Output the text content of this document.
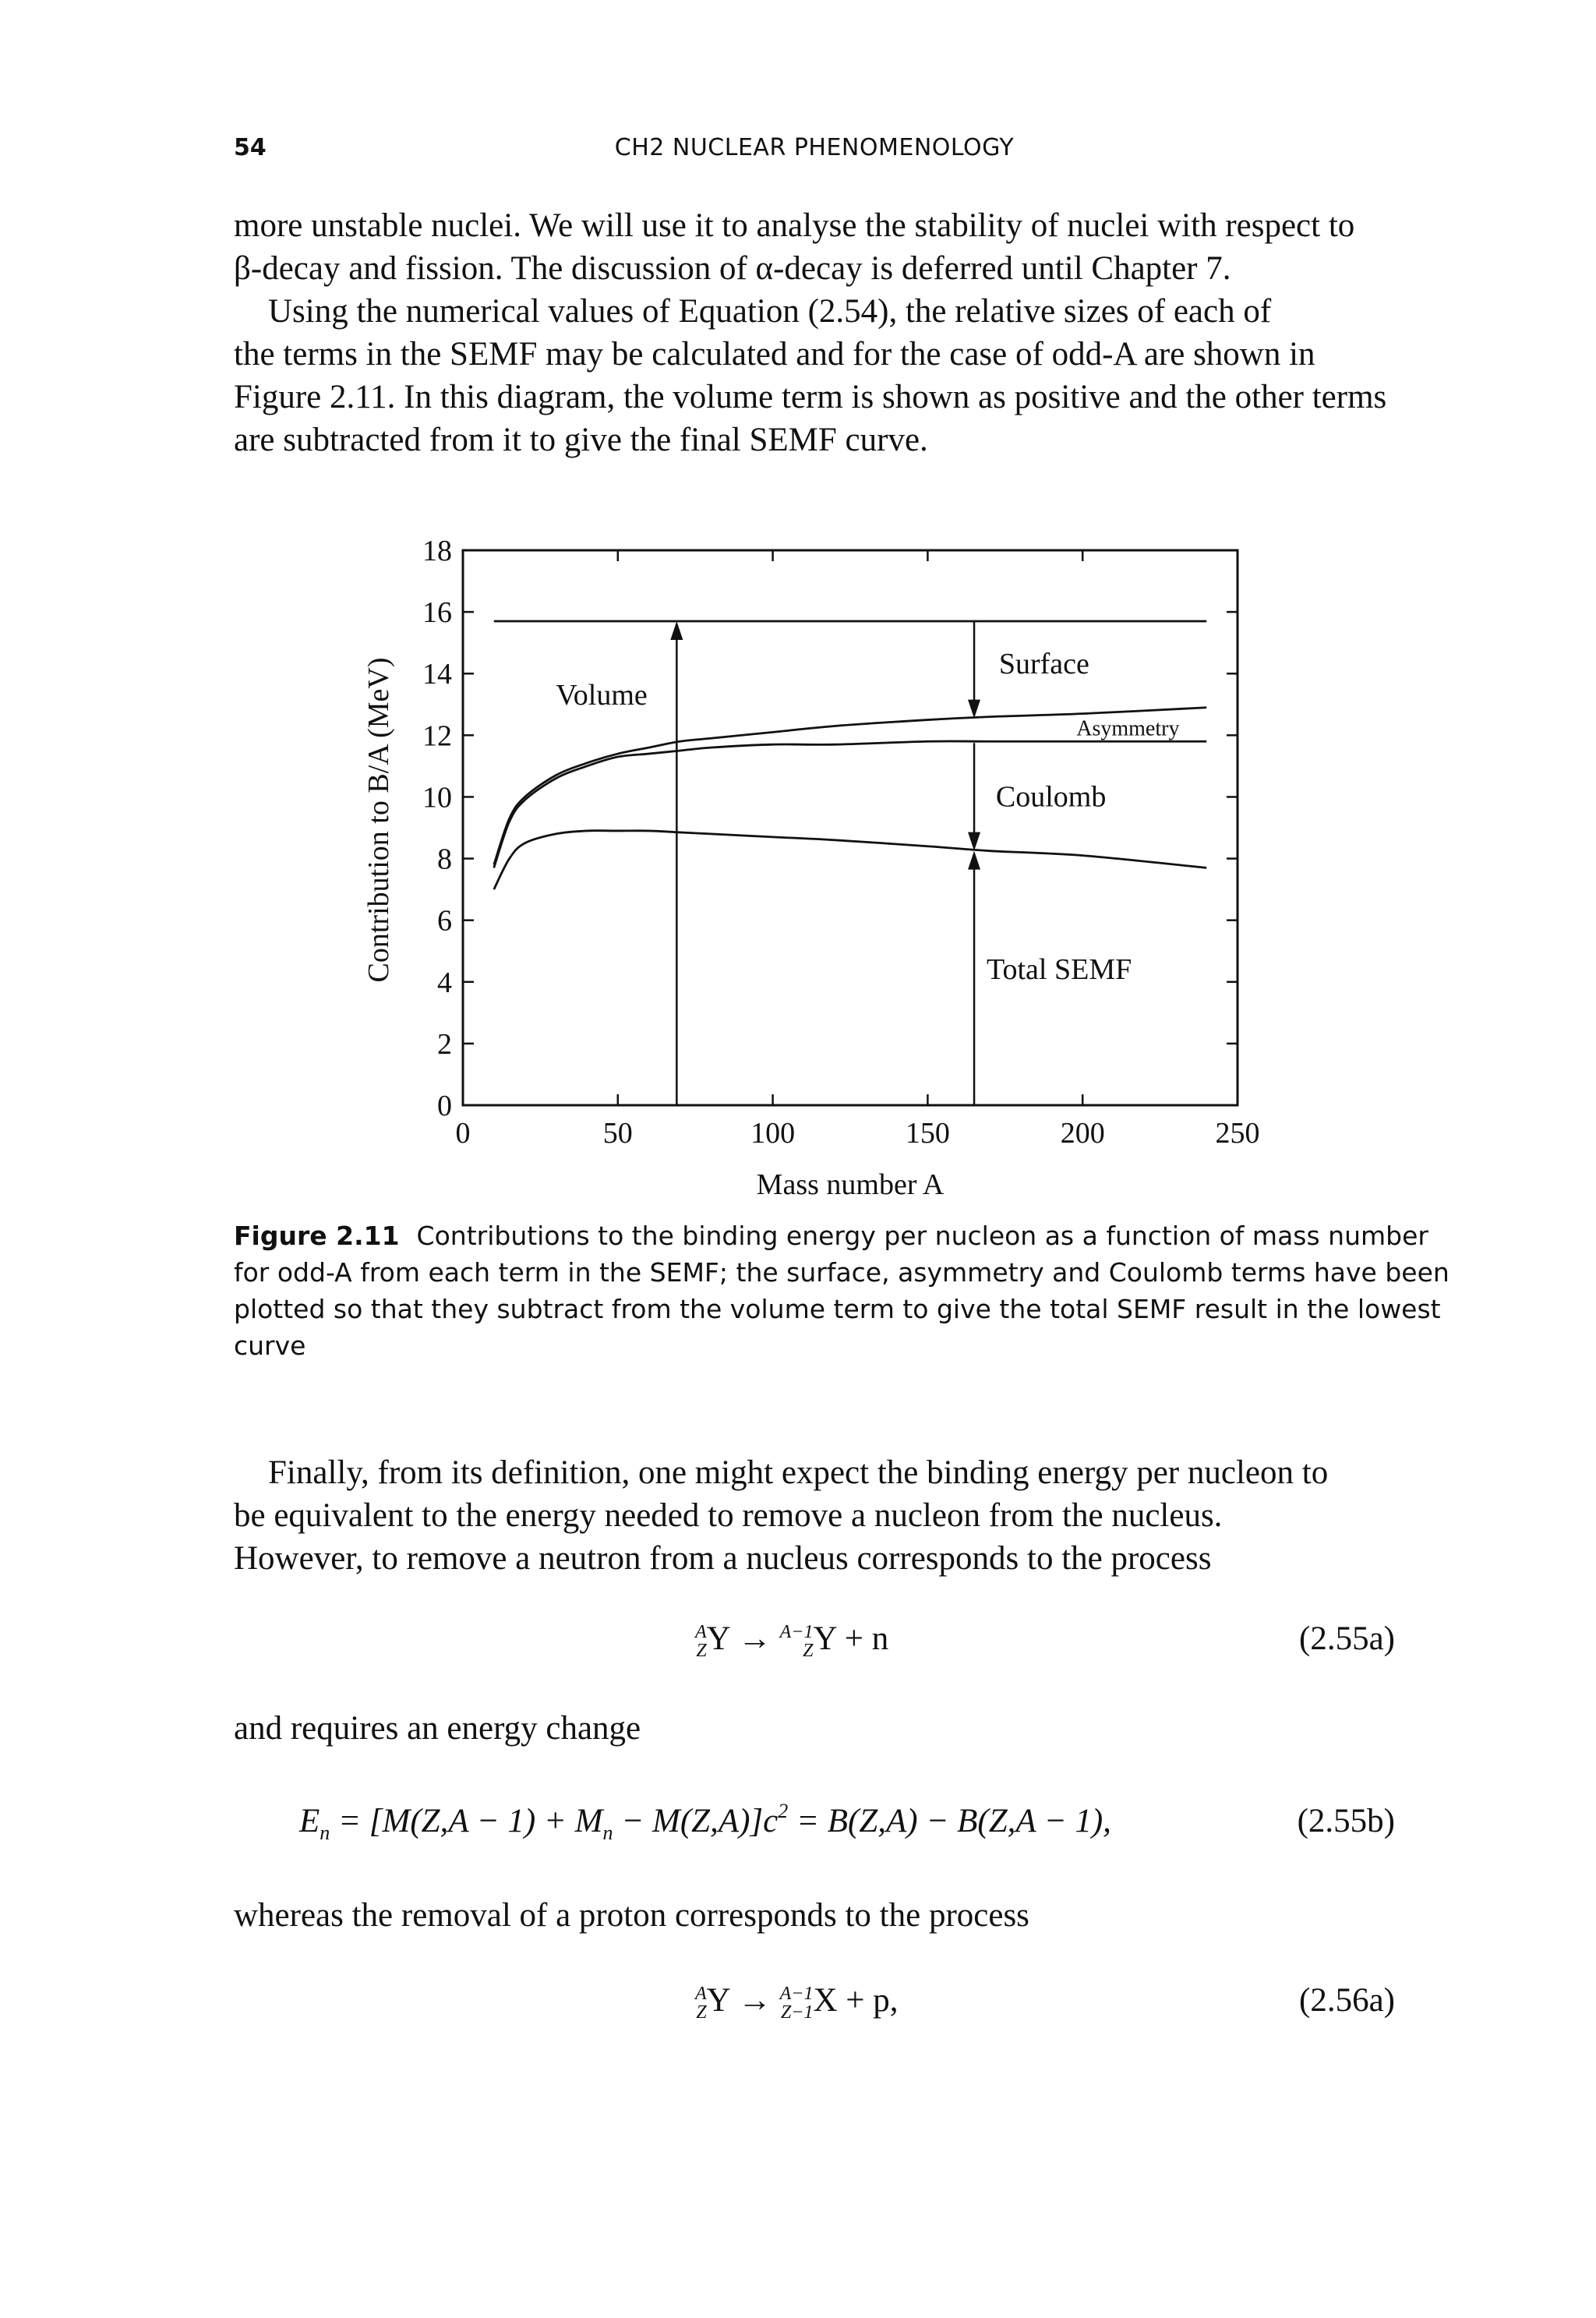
54	CH2 NUCLEAR PHENOMENOLOGY

more unstable nuclei. We will use it to analyse the stability of nuclei with respect to
β-decay and fission. The discussion of α-decay is deferred until Chapter 7.

Using the numerical values of Equation (2.54), the relative sizes of each of
the terms in the SEMF may be calculated and for the case of odd-A are shown in
Figure 2.11. In this diagram, the volume term is shown as positive and the other terms
are subtracted from it to give the final SEMF curve.

0	50	100	150	200	250
0
2
4
6
8
10
12
14
16
18
Mass number A
Contribution to B/A (MeV)	Volume
Surface
Asymmetry
Coulomb
Total SEMF
Figure 2.11 Contributions to the binding energy per nucleon as a function of mass number
for odd-A from each term in the SEMF; the surface, asymmetry and Coulomb terms have been
plotted so that they subtract from the volume term to give the total SEMF result in the lowest
curve

Finally, from its definition, one might expect the binding energy per nucleon to
be equivalent to the energy needed to remove a nucleon from the nucleus.
However, to remove a neutron from a nucleus corresponds to the process

A
ZY → A−1
ZY + n	(2.55a)

and requires an energy change

$E_n = [M(Z,A - 1) + M_n - M(Z,A)]c^2 = B(Z,A) - B(Z,A - 1)$,	(2.55b)

whereas the removal of a proton corresponds to the process

A
ZY → A−1
Z−1X + p,	(2.56a)
